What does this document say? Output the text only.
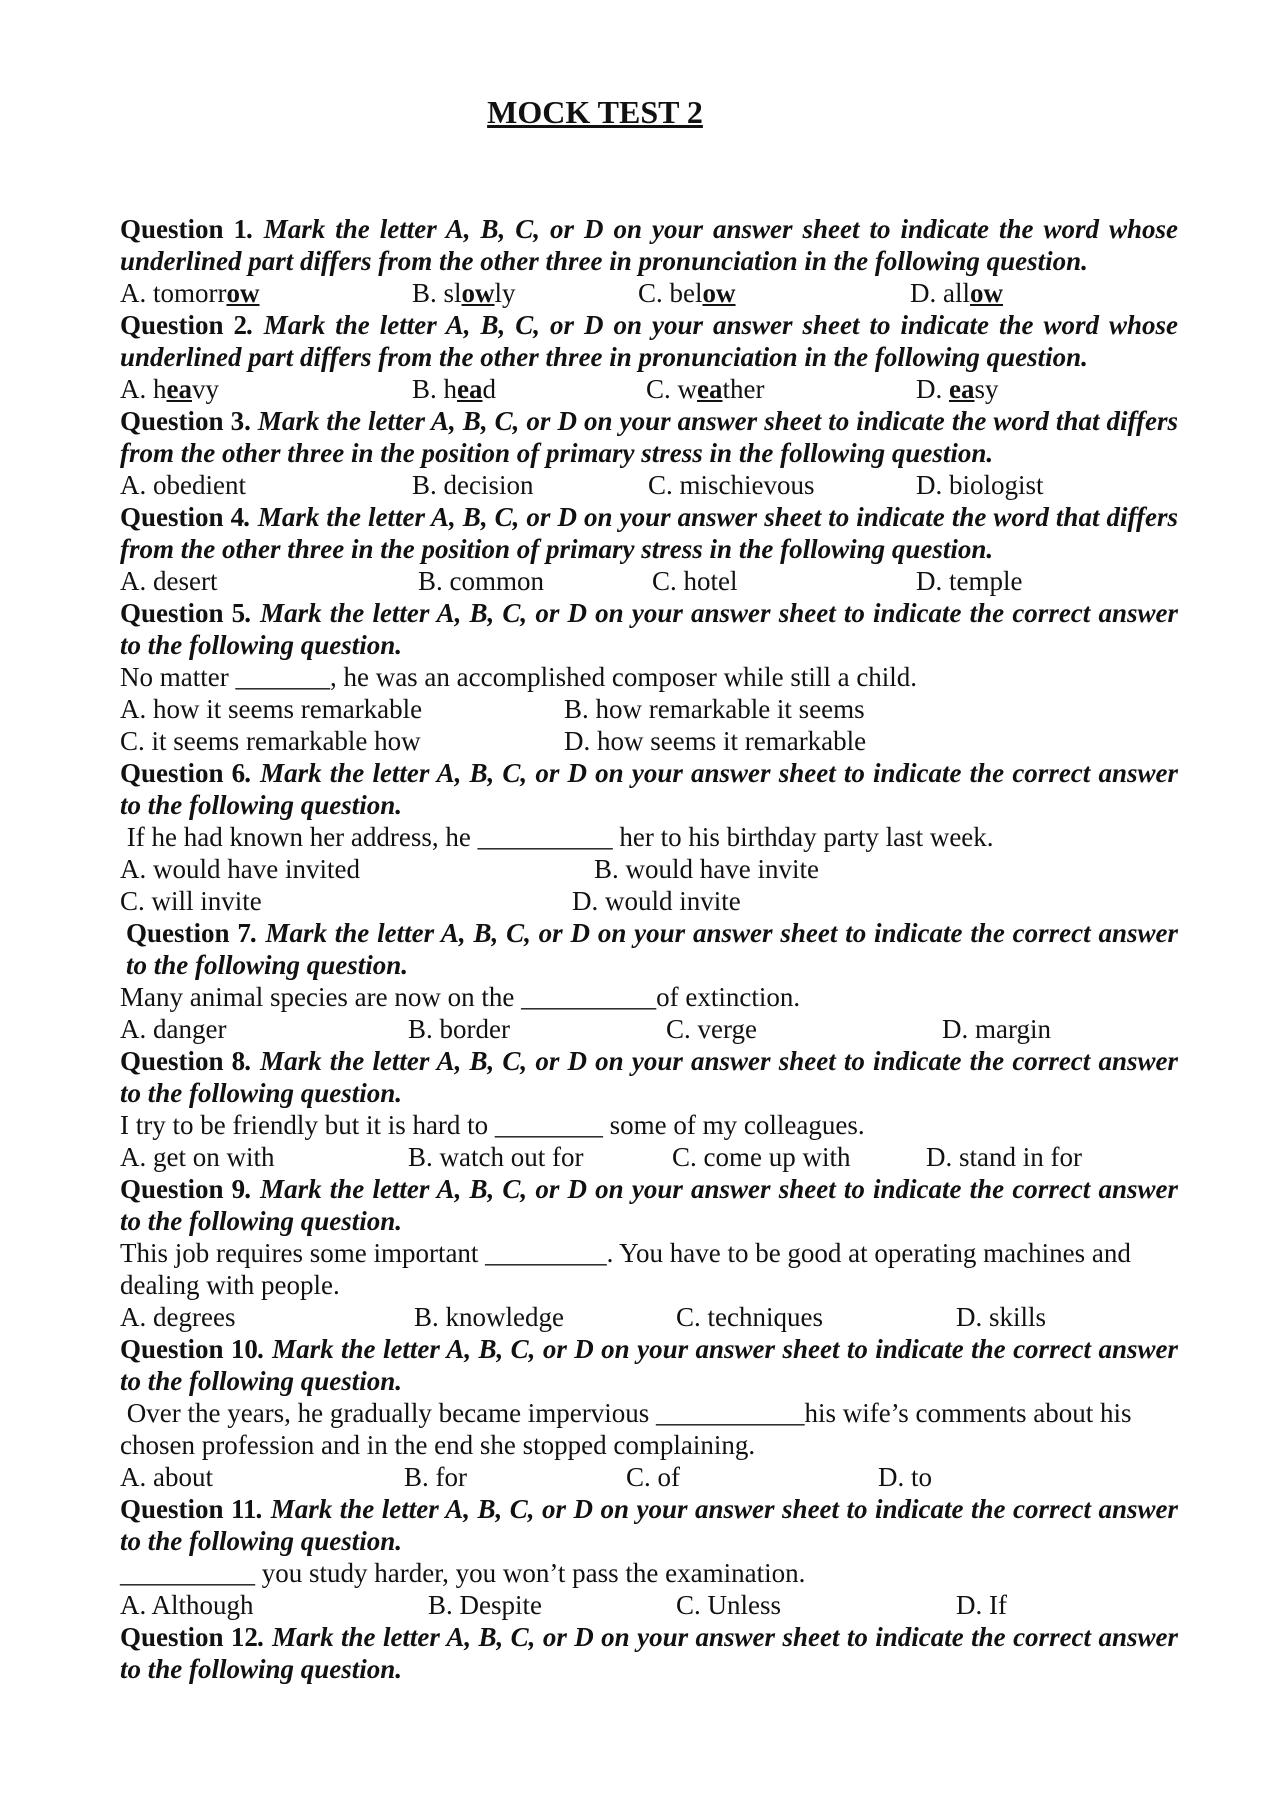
MOCK TEST 2
Question 1. Mark the letter A, B, C, or D on your answer sheet to indicate the word whose underlined part differs from the other three in pronunciation in the following question.
A. tomorrow	B. slowly	C. below	D. allow
Question 2. Mark the letter A, B, C, or D on your answer sheet to indicate the word whose underlined part differs from the other three in pronunciation in the following question.
A. heavy	B. head	C. weather	D. easy
Question 3. Mark the letter A, B, C, or D on your answer sheet to indicate the word that differs from the other three in the position of primary stress in the following question.
A. obedient	B. decision	C. mischievous	D. biologist
Question 4. Mark the letter A, B, C, or D on your answer sheet to indicate the word that differs from the other three in the position of primary stress in the following question.
A. desert	B. common	C. hotel	D. temple
Question 5. Mark the letter A, B, C, or D on your answer sheet to indicate the correct answer to the following question.
No matter _______, he was an accomplished composer while still a child.
A. how it seems remarkable	B. how remarkable it seems
C. it seems remarkable how	D. how seems it remarkable
Question 6. Mark the letter A, B, C, or D on your answer sheet to indicate the correct answer to the following question.
If he had known her address, he __________ her to his birthday party last week.
A. would have invited	B. would have invite
C. will invite	D. would invite
Question 7. Mark the letter A, B, C, or D on your answer sheet to indicate the correct answer to the following question.
Many animal species are now on the __________of extinction.
A. danger	B. border	C. verge	D. margin
Question 8. Mark the letter A, B, C, or D on your answer sheet to indicate the correct answer to the following question.
I try to be friendly but it is hard to ________ some of my colleagues.
A. get on with	B. watch out for	C. come up with	D. stand in for
Question 9. Mark the letter A, B, C, or D on your answer sheet to indicate the correct answer to the following question.
This job requires some important _________. You have to be good at operating machines and dealing with people.
A. degrees	B. knowledge	C. techniques	D. skills
Question 10. Mark the letter A, B, C, or D on your answer sheet to indicate the correct answer to the following question.
Over the years, he gradually became impervious ___________his wife’s comments about his chosen profession and in the end she stopped complaining.
A. about	B. for	C. of	D. to
Question 11. Mark the letter A, B, C, or D on your answer sheet to indicate the correct answer to the following question.
__________ you study harder, you won’t pass the examination.
A. Although	B. Despite	C. Unless	D. If
Question 12. Mark the letter A, B, C, or D on your answer sheet to indicate the correct answer to the following question.
